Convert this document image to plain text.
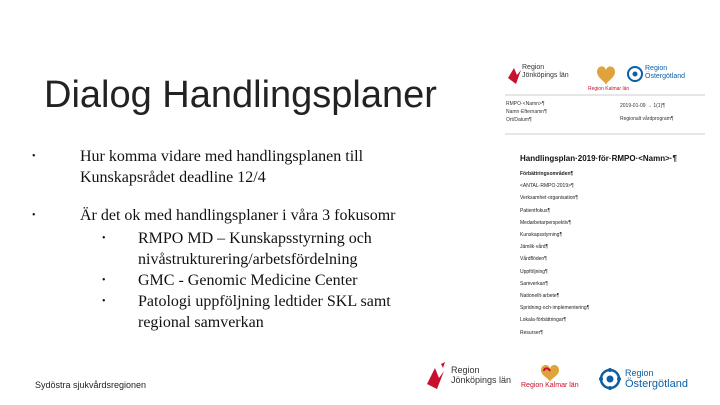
Dialog Handlingsplaner
•	Hur komma vidare med handlingsplanen till Kunskapsrådet deadline 12/4
•	Är det ok med handlingsplaner i våra 3 fokusomr
•	RMPO MD – Kunskapsstyrning och nivåstrukturering/arbetsfördelning
•	GMC - Genomic Medicine Center
•	Patologi uppföljning ledtider SKL samt regional samverkan
Region
Jönköpings län
Region Kalmar län
Region
Östergötland
RMPO·<Namn>¶
Namn·Efternamn¶
Ort/Datum¶
2019-01-09 → 1(1)¶
Regionalt vårdprogram¶
Handlingsplan·2019·för·RMPO·<Namn>·¶
Förbättringsområden¶
<ANTAL·RMPO·2019>¶
Verksamhet·organisation¶
Patientfokus¶
Medarbetarperspektiv¶
Kunskapsstyrning¶
Jämlik·vård¶
Vårdflöden¶
Uppföljning¶
Samverkan¶
Nationellt·arbete¶
Spridning·och·implementering¶
Lokala·förbättringar¶
Resurser¶
Sydöstra sjukvårdsregionen
Region
Jönköpings län
Region Kalmar län
Region
Östergötland
